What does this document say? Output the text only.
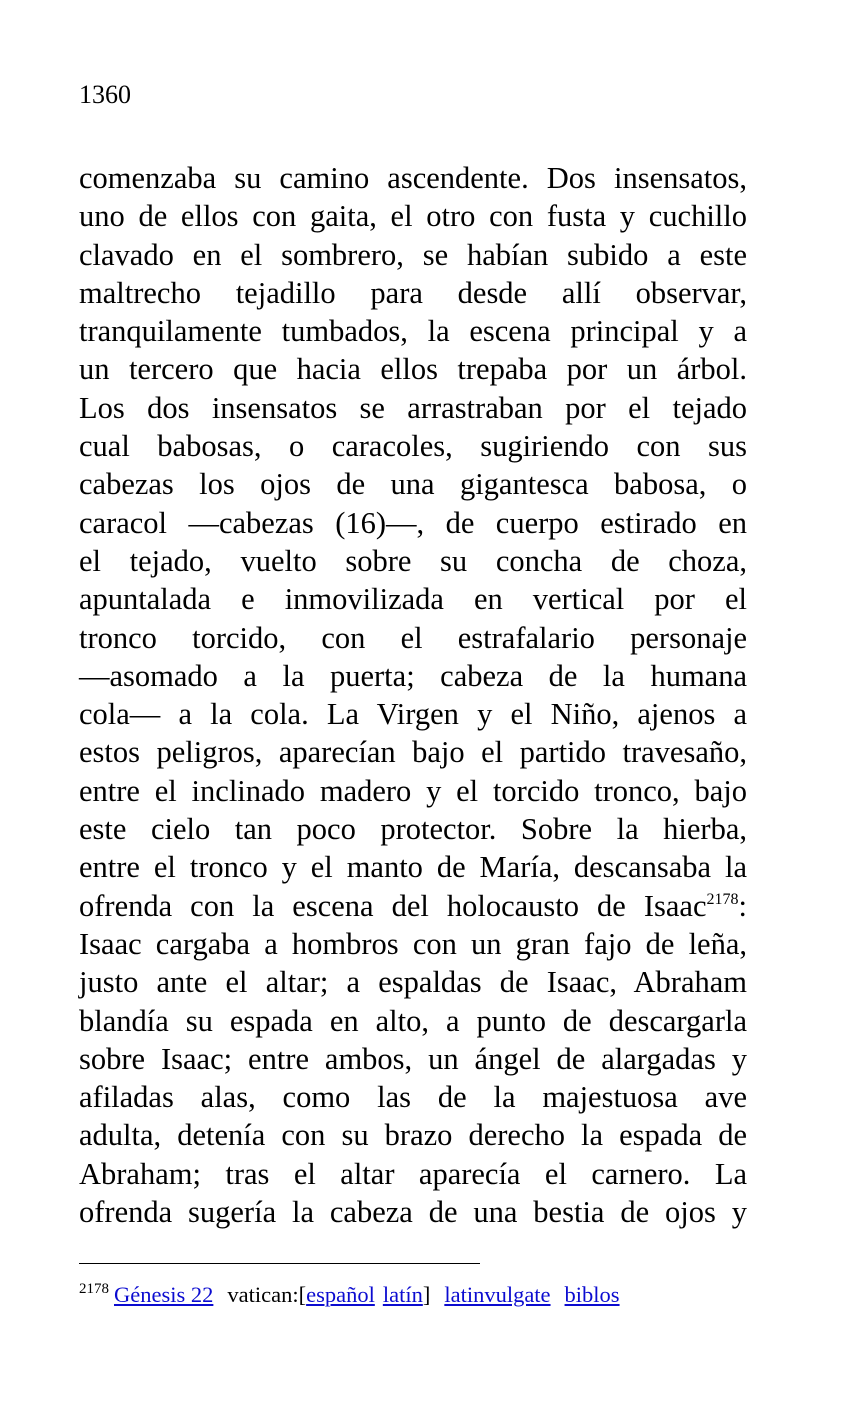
1360
comenzaba su camino ascendente. Dos insensatos,
uno de ellos con gaita, el otro con fusta y cuchillo
clavado en el sombrero, se habían subido a este
maltrecho tejadillo para desde allí observar,
tranquilamente tumbados, la escena principal y a
un tercero que hacia ellos trepaba por un árbol.
Los dos insensatos se arrastraban por el tejado
cual babosas, o caracoles, sugiriendo con sus
cabezas los ojos de una gigantesca babosa, o
caracol —cabezas (16)—, de cuerpo estirado en
el tejado, vuelto sobre su concha de choza,
apuntalada e inmovilizada en vertical por el
tronco torcido, con el estrafalario personaje
—asomado a la puerta; cabeza de la humana
cola— a la cola. La Virgen y el Niño, ajenos a
estos peligros, aparecían bajo el partido travesaño,
entre el inclinado madero y el torcido tronco, bajo
este cielo tan poco protector. Sobre la hierba,
entre el tronco y el manto de María, descansaba la
ofrenda con la escena del holocausto de Isaac$^{2178}$:
Isaac cargaba a hombros con un gran fajo de leña,
justo ante el altar; a espaldas de Isaac, Abraham
blandía su espada en alto, a punto de descargarla
sobre Isaac; entre ambos, un ángel de alargadas y
afiladas alas, como las de la majestuosa ave
adulta, detenía con su brazo derecho la espada de
Abraham; tras el altar aparecía el carnero. La
ofrenda sugería la cabeza de una bestia de ojos y
$^{2178}$ Génesis 22 vatican:[español latín] latinvulgate biblos
